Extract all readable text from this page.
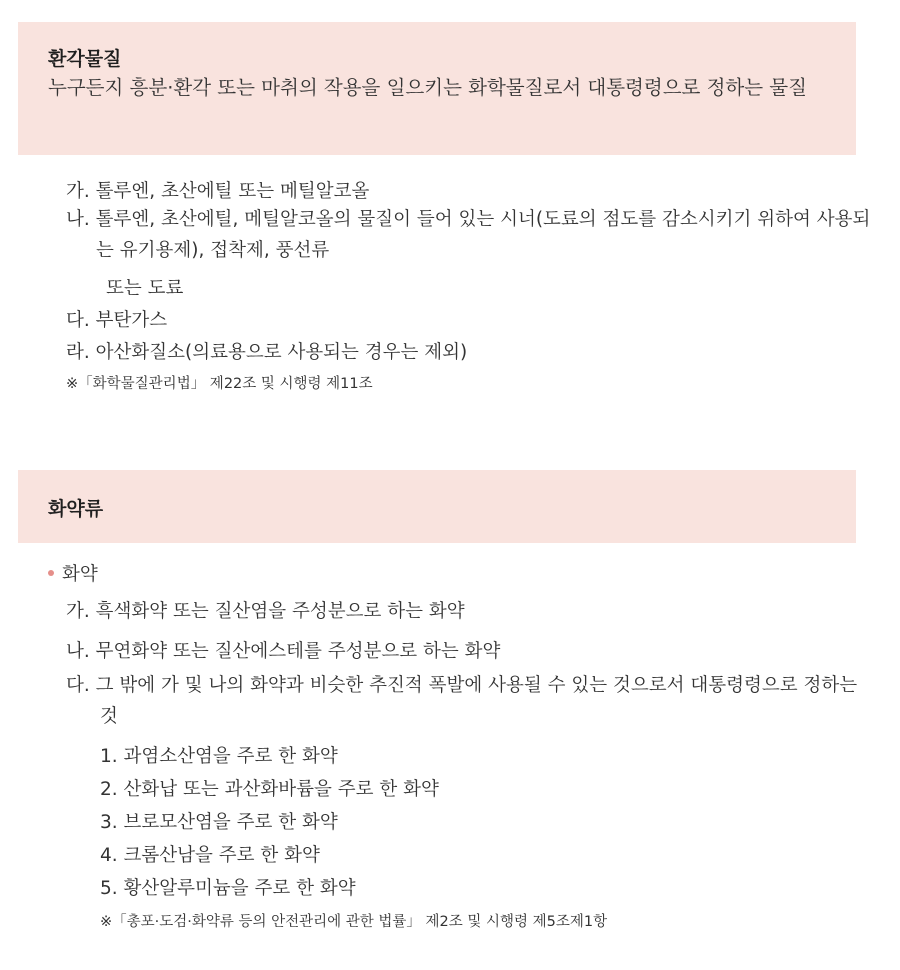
환각물질
누구든지 흥분·환각 또는 마취의 작용을 일으키는 화학물질로서 대통령령으로 정하는 물질
가. 톨루엔, 초산에틸 또는 메틸알코올
나. 톨루엔, 초산에틸, 메틸알코올의 물질이 들어 있는 시너(도료의 점도를 감소시키기 위하여 사용되는 유기용제), 접착제, 풍선류
또는 도료
다. 부탄가스
라. 아산화질소(의료용으로 사용되는 경우는 제외)
※「화학물질관리법」 제22조 및 시행령 제11조
화약류
화약
가. 흑색화약 또는 질산염을 주성분으로 하는 화약
나. 무연화약 또는 질산에스테를 주성분으로 하는 화약
다. 그 밖에 가 및 나의 화약과 비슷한 추진적 폭발에 사용될 수 있는 것으로서 대통령령으로 정하는 것
1. 과염소산염을 주로 한 화약
2. 산화납 또는 과산화바륨을 주로 한 화약
3. 브로모산염을 주로 한 화약
4. 크롬산남을 주로 한 화약
5. 황산알루미늄을 주로 한 화약
※「총포·도검·화약류 등의 안전관리에 관한 법률」 제2조 및 시행령 제5조제1항
